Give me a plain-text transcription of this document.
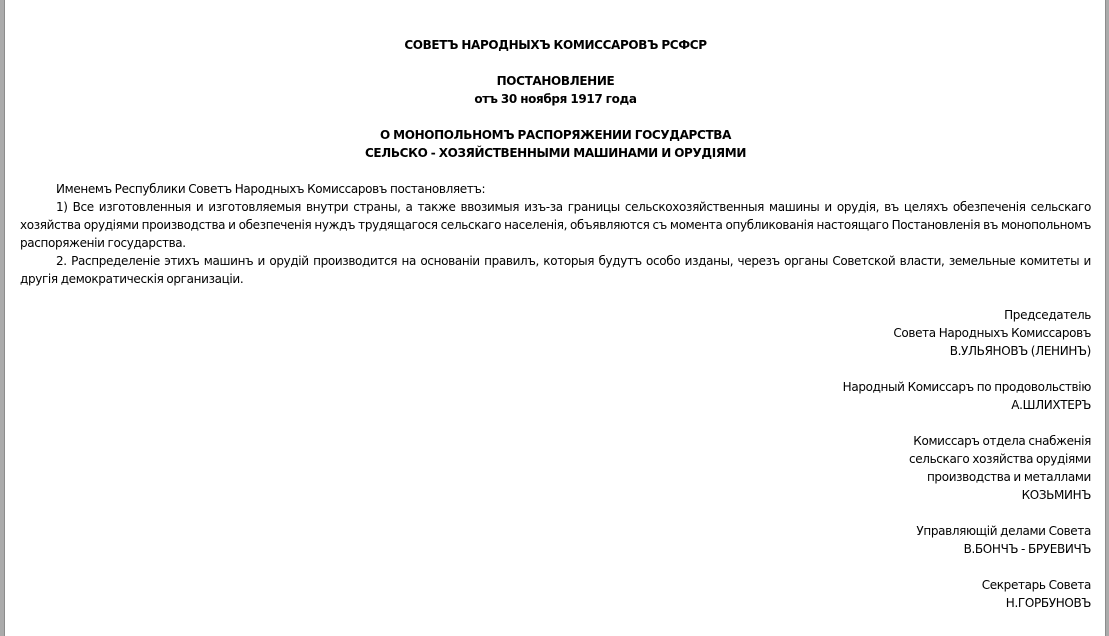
СОВЕТЪ НАРОДНЫХЪ КОМИССАРОВЪ РСФСР
ПОСТАНОВЛЕНИЕ
отъ 30 ноября 1917 года
О МОНОПОЛЬНОМЪ РАСПОРЯЖЕНИИ ГОСУДАРСТВА
СЕЛЬСКО - ХОЗЯЙСТВЕННЫМИ МАШИНАМИ И ОРУДІЯМИ

Именемъ Республики Советъ Народныхъ Комиссаровъ постановляетъ:

1) Все изготовленныя и изготовляемыя внутри страны, а также ввозимыя изъ-за границы сельскохозяйственныя машины и орудія, въ целяхъ обезпеченія сельскаго хозяйства орудіями производства и обезпеченія нуждъ трудящагося сельскаго населенія, объявляются съ момента опубликованія настоящаго Постановленія въ монопольномъ распоряженіи государства.

2. Распределеніе этихъ машинъ и орудій производится на основаніи правилъ, которыя будутъ особо изданы, черезъ органы Советской власти, земельные комитеты и другія демократическія организаціи.

Председатель
Совета Народныхъ Комиссаровъ
В.УЛЬЯНОВЪ (ЛЕНИНЪ)
Народный Комиссаръ по продовольствію
А.ШЛИХТЕРЪ
Комиссаръ отдела снабженія
сельскаго хозяйства орудіями
производства и металлами
КОЗЬМИНЪ
Управляющій делами Совета
В.БОНЧЪ - БРУЕВИЧЪ
Секретарь Совета
Н.ГОРБУНОВЪ
